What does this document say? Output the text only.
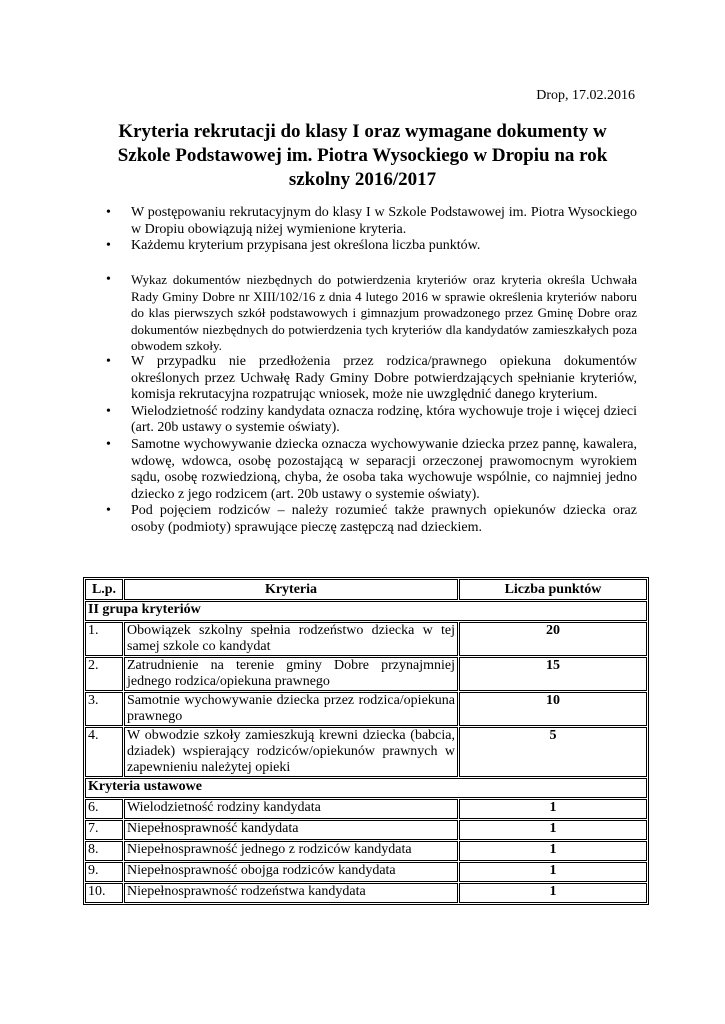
Drop, 17.02.2016
Kryteria rekrutacji do klasy I oraz wymagane dokumenty w Szkole Podstawowej im. Piotra Wysockiego w Dropiu na rok szkolny 2016/2017
• W postępowaniu rekrutacyjnym do klasy I w Szkole Podstawowej im. Piotra Wysockiego w Dropiu obowiązują niżej wymienione kryteria.
• Każdemu kryterium przypisana jest określona liczba punktów.
• Wykaz dokumentów niezbędnych do potwierdzenia kryteriów oraz kryteria określa Uchwała Rady Gminy Dobre nr XIII/102/16 z dnia 4 lutego 2016 w sprawie określenia kryteriów naboru do klas pierwszych szkół podstawowych i gimnazjum prowadzonego przez Gminę Dobre oraz dokumentów niezbędnych do potwierdzenia tych kryteriów dla kandydatów zamieszkałych poza obwodem szkoły.
• W przypadku nie przedłożenia przez rodzica/prawnego opiekuna dokumentów określonych przez Uchwałę Rady Gminy Dobre potwierdzających spełnianie kryteriów, komisja rekrutacyjna rozpatrując wniosek, może nie uwzględnić danego kryterium.
• Wielodzietność rodziny kandydata oznacza rodzinę, która wychowuje troje i więcej dzieci (art. 20b ustawy o systemie oświaty).
• Samotne wychowywanie dziecka oznacza wychowywanie dziecka przez pannę, kawalera, wdowę, wdowca, osobę pozostającą w separacji orzeczonej prawomocnym wyrokiem sądu, osobę rozwiedzioną, chyba, że osoba taka wychowuje wspólnie, co najmniej jedno dziecko z jego rodzicem (art. 20b ustawy o systemie oświaty).
• Pod pojęciem rodziców – należy rozumieć także prawnych opiekunów dziecka oraz osoby (podmioty) sprawujące pieczę zastępczą nad dzieckiem.
L.p.	Kryteria	Liczba punktów
II grupa kryteriów		
1.	Obowiązek szkolny spełnia rodzeństwo dziecka w tej samej szkole co kandydat	20
2.	Zatrudnienie na terenie gminy Dobre przynajmniej jednego rodzica/opiekuna prawnego	15
3.	Samotnie wychowywanie dziecka przez rodzica/opiekuna prawnego	10
4.	W obwodzie szkoły zamieszkują krewni dziecka (babcia, dziadek) wspierający rodziców/opiekunów prawnych w zapewnieniu należytej opieki	5
Kryteria ustawowe		
6.	Wielodzietność rodziny kandydata	1
7.	Niepełnosprawność kandydata	1
8.	Niepełnosprawność jednego z rodziców kandydata	1
9.	Niepełnosprawność obojga rodziców kandydata	1
10.	Niepełnosprawność rodzeństwa kandydata	1
